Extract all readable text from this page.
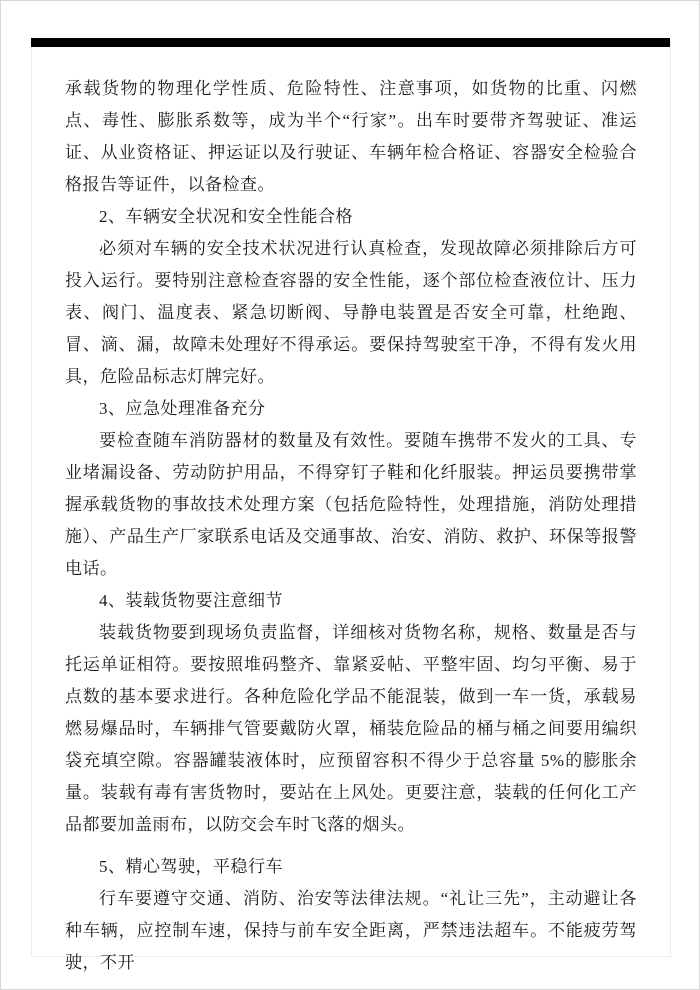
承载货物的物理化学性质、危险特性、注意事项，如货物的比重、闪燃点、毒性、膨胀系数等，成为半个“行家”。出车时要带齐驾驶证、准运证、从业资格证、押运证以及行驶证、车辆年检合格证、容器安全检验合格报告等证件，以备检查。

2、车辆安全状况和安全性能合格

必须对车辆的安全技术状况进行认真检查，发现故障必须排除后方可投入运行。要特别注意检查容器的安全性能，逐个部位检查液位计、压力表、阀门、温度表、紧急切断阀、导静电装置是否安全可靠，杜绝跑、冒、滴、漏，故障未处理好不得承运。要保持驾驶室干净，不得有发火用具，危险品标志灯牌完好。

3、应急处理准备充分

要检查随车消防器材的数量及有效性。要随车携带不发火的工具、专业堵漏设备、劳动防护用品，不得穿钉子鞋和化纤服装。押运员要携带掌握承载货物的事故技术处理方案（包括危险特性，处理措施，消防处理措施）、产品生产厂家联系电话及交通事故、治安、消防、救护、环保等报警电话。

4、装载货物要注意细节

装载货物要到现场负责监督，详细核对货物名称，规格、数量是否与托运单证相符。要按照堆码整齐、靠紧妥帖、平整牢固、均匀平衡、易于点数的基本要求进行。各种危险化学品不能混装，做到一车一货，承载易燃易爆品时，车辆排气管要戴防火罩，桶装危险品的桶与桶之间要用编织袋充填空隙。容器罐装液体时，应预留容积不得少于总容量 5%的膨胀余量。装载有毒有害货物时，要站在上风处。更要注意，装载的任何化工产品都要加盖雨布，以防交会车时飞落的烟头。

5、精心驾驶，平稳行车

行车要遵守交通、消防、治安等法律法规。“礼让三先”，主动避让各种车辆，应控制车速，保持与前车安全距离，严禁违法超车。不能疲劳驾驶，不开
